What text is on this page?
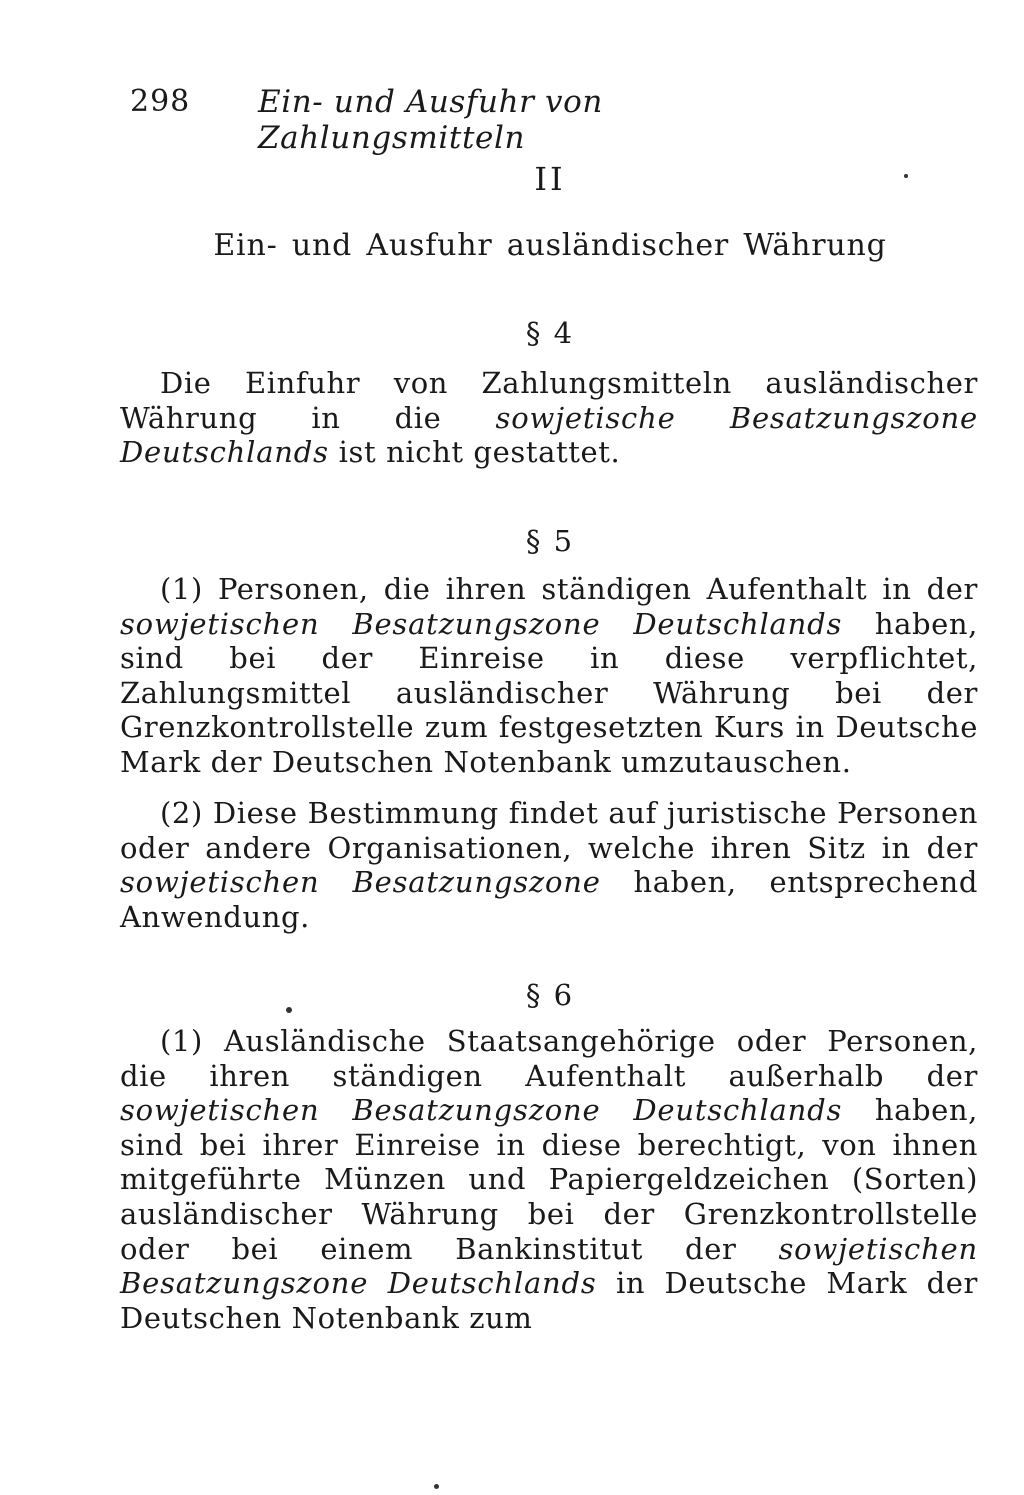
298 Ein- und Ausfuhr von Zahlungsmitteln
II
Ein- und Ausfuhr ausländischer Währung
§ 4

Die Einfuhr von Zahlungsmitteln ausländischer Währung in die sowjetische Besatzungszone Deutschlands ist nicht gestattet.

§ 5

(1) Personen, die ihren ständigen Aufenthalt in der sowjetischen Besatzungszone Deutschlands haben, sind bei der Einreise in diese verpflichtet, Zahlungsmittel ausländischer Währung bei der Grenzkontrollstelle zum festgesetzten Kurs in Deutsche Mark der Deutschen Notenbank umzutauschen.

(2) Diese Bestimmung findet auf juristische Personen oder andere Organisationen, welche ihren Sitz in der sowjetischen Besatzungszone haben, entsprechend Anwendung.

§ 6

(1) Ausländische Staatsangehörige oder Personen, die ihren ständigen Aufenthalt außerhalb der sowjetischen Besatzungszone Deutschlands haben, sind bei ihrer Einreise in diese berechtigt, von ihnen mitgeführte Münzen und Papiergeldzeichen (Sorten) ausländischer Währung bei der Grenzkontrollstelle oder bei einem Bankinstitut der sowjetischen Besatzungszone Deutschlands in Deutsche Mark der Deutschen Notenbank zum
